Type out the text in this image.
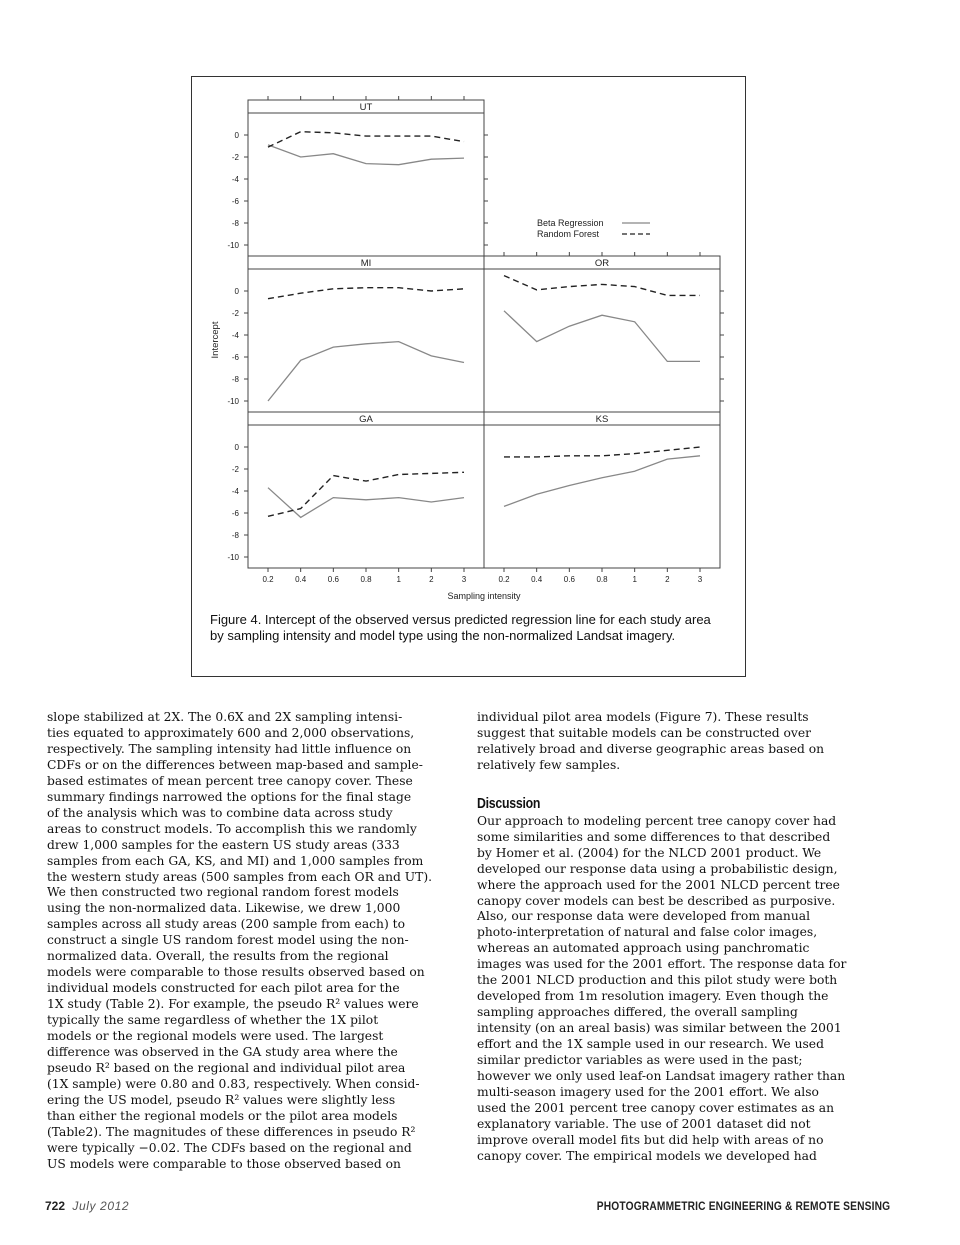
UT
MI	OR
GA	KS
Beta Regression
Random Forest
0
-2
-4
-6
-8
-10
0
-2
-4
-6
-8
-10
0
-2
-4
-6
-8
-10
0.2	0.4	0.6	0.8	1	2	3	0.2	0.4	0.6	0.8	1	2	3
Sampling intensity
Intercept
Figure 4. Intercept of the observed versus predicted regression line for each study area by sampling intensity and model type using the non-normalized Landsat imagery.
slope stabilized at 2X. The 0.6X and 2X sampling intensi-
ties equated to approximately 600 and 2,000 observations,
respectively. The sampling intensity had little influence on
CDFs or on the differences between map-based and sample-
based estimates of mean percent tree canopy cover. These
summary findings narrowed the options for the final stage
of the analysis which was to combine data across study
areas to construct models. To accomplish this we randomly
drew 1,000 samples for the eastern US study areas (333
samples from each GA, KS, and MI) and 1,000 samples from
the western study areas (500 samples from each OR and UT).
We then constructed two regional random forest models
using the non-normalized data. Likewise, we drew 1,000
samples across all study areas (200 sample from each) to
construct a single US random forest model using the non-
normalized data. Overall, the results from the regional
models were comparable to those results observed based on
individual models constructed for each pilot area for the
1X study (Table 2). For example, the pseudo R² values were
typically the same regardless of whether the 1X pilot
models or the regional models were used. The largest
difference was observed in the GA study area where the
pseudo R² based on the regional and individual pilot area
(1X sample) were 0.80 and 0.83, respectively. When consid-
ering the US model, pseudo R² values were slightly less
than either the regional models or the pilot area models
(Table2). The magnitudes of these differences in pseudo R²
were typically −0.02. The CDFs based on the regional and
US models were comparable to those observed based on
individual pilot area models (Figure 7). These results
suggest that suitable models can be constructed over
relatively broad and diverse geographic areas based on
relatively few samples.
Discussion
Our approach to modeling percent tree canopy cover had
some similarities and some differences to that described
by Homer et al. (2004) for the NLCD 2001 product. We
developed our response data using a probabilistic design,
where the approach used for the 2001 NLCD percent tree
canopy cover models can best be described as purposive.
Also, our response data were developed from manual
photo-interpretation of natural and false color images,
whereas an automated approach using panchromatic
images was used for the 2001 effort. The response data for
the 2001 NLCD production and this pilot study were both
developed from 1m resolution imagery. Even though the
sampling approaches differed, the overall sampling
intensity (on an areal basis) was similar between the 2001
effort and the 1X sample used in our research. We used
similar predictor variables as were used in the past;
however we only used leaf-on Landsat imagery rather than
multi-season imagery used for the 2001 effort. We also
used the 2001 percent tree canopy cover estimates as an
explanatory variable. The use of 2001 dataset did not
improve overall model fits but did help with areas of no
canopy cover. The empirical models we developed had
722 July 2012	PHOTOGRAMMETRIC ENGINEERING & REMOTE SENSING
